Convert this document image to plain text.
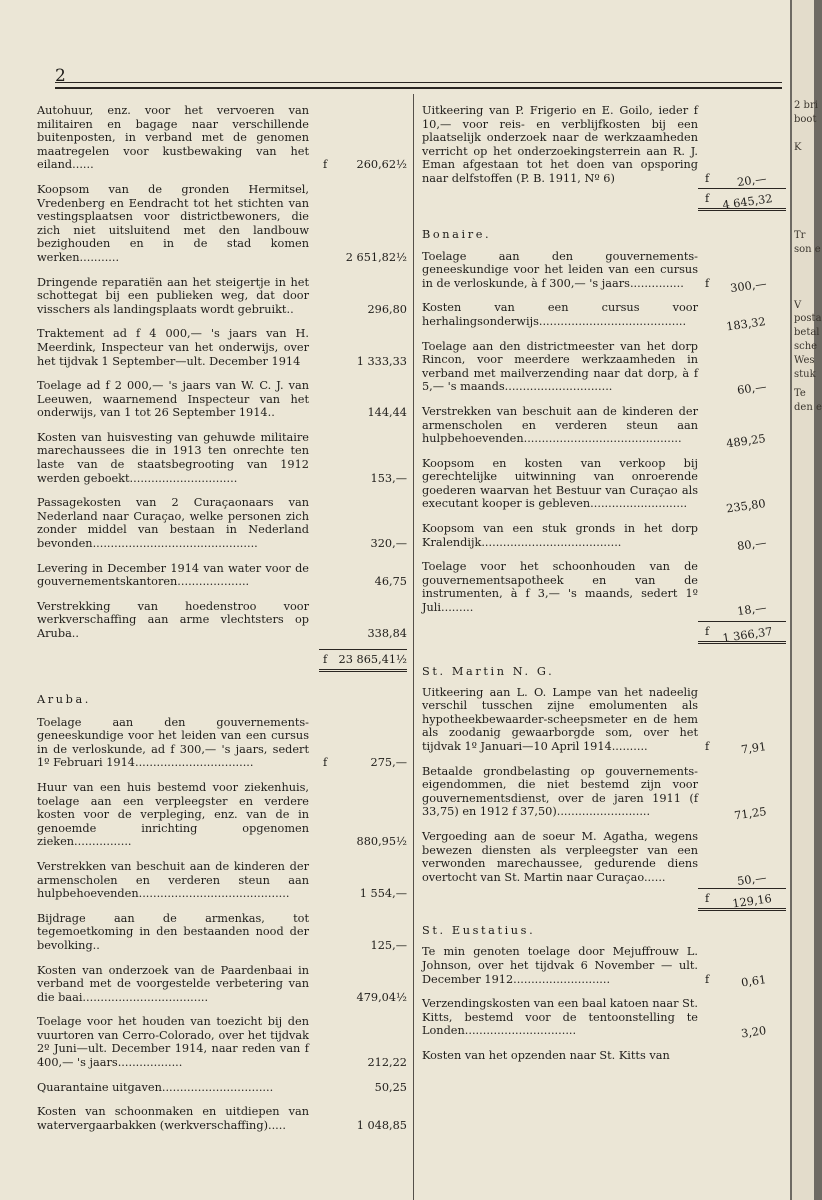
2
Autohuur, enz. voor het vervoeren van militairen en bagage naar verschillende buitenposten, in verband met de genomen maatregelen voor kustbewaking van het eiland......	f	260,62½
Koopsom van de gronden Hermitsel, Vredenberg en Eendracht tot het stichten van vestingsplaatsen voor districtbewoners, die zich niet uitsluitend met den landbouw bezighouden en in de stad komen werken...........	2 651,82½
Dringende reparatiën aan het steigertje in het schottegat bij een publieken weg, dat door visschers als landingsplaats wordt gebruikt..	296,80
Traktement ad f 4 000,— 's jaars van H. Meerdink, Inspecteur van het onderwijs, over het tijdvak 1 September—ult. December 1914	1 333,33
Toelage ad f 2 000,— 's jaars van W. C. J. van Leeuwen, waarnemend Inspecteur van het onderwijs, van 1 tot 26 September 1914..	144,44
Kosten van huisvesting van gehuwde militaire marechaussees die in 1913 ten onrechte ten laste van de staatsbegrooting van 1912 werden geboekt..............................	153,—
Passagekosten van 2 Curaçaonaars van Nederland naar Curaçao, welke personen zich zonder middel van bestaan in Nederland bevonden..............................................	320,—
Levering in December 1914 van water voor de gouvernementskantoren....................	46,75
Verstrekking van hoedenstroo voor werkverschaffing aan arme vlechtsters op Aruba..	338,84
f 23 865,41½
Aruba.
Toelage aan den gouvernements-geneeskundige voor het leiden van een cursus in de verloskunde, ad f 300,— 's jaars, sedert 1º Februari 1914.................................	f	275,—
Huur van een huis bestemd voor ziekenhuis, toelage aan een verpleegster en verdere kosten voor de verpleging, enz. van de in genoemde inrichting opgenomen zieken................	880,95½
Verstrekken van beschuit aan de kinderen der armenscholen en verderen steun aan hulpbehoevenden..........................................	1 554,—
Bijdrage aan de armenkas, tot tegemoetkoming in den bestaanden nood der bevolking..	125,—
Kosten van onderzoek van de Paardenbaai in verband met de voorgestelde verbetering van die baai...................................	479,04½
Toelage voor het houden van toezicht bij den vuurtoren van Cerro-Colorado, over het tijdvak 2º Juni—ult. December 1914, naar reden van f 400,— 's jaars..................	212,22
Quarantaine uitgaven...............................	50,25
Kosten van schoonmaken en uitdiepen van watervergaarbakken (werkverschaffing).....	1 048,85
Uitkeering van P. Frigerio en E. Goilo, ieder f 10,— voor reis- en verblijfkosten bij een plaatselijk onderzoek naar de werkzaamheden verricht op het onderzoekingsterrein aan R. J. Eman afgestaan tot het doen van opsporing naar delfstoffen (P. B. 1911, Nº 6)	f 20,—
f 4 645,32
Bonaire.
Toelage aan den gouvernements-geneeskundige voor het leiden van een cursus in de verloskunde, à f 300,— 's jaars...............	f 300,—
Kosten van een cursus voor herhalingsonderwijs.........................................	183,32
Toelage aan den districtmeester van het dorp Rincon, voor meerdere werkzaamheden in verband met mailverzending naar dat dorp, à f 5,— 's maands..............................	60,—
Verstrekken van beschuit aan de kinderen der armenscholen en verderen steun aan hulpbehoevenden............................................	489,25
Koopsom en kosten van verkoop bij gerechtelijke uitwinning van onroerende goederen waarvan het Bestuur van Curaçao als executant kooper is gebleven...........................	235,80
Koopsom van een stuk gronds in het dorp Kralendijk.......................................	80,—
Toelage voor het schoonhouden van de gouvernementsapotheek en van de instrumenten, à f 3,— 's maands, sedert 1º Juli.........	18,—
f 1 366,37
St. Martin N. G.
Uitkeering aan L. O. Lampe van het nadeelig verschil tusschen zijne emolumenten als hypotheekbewaarder-scheepsmeter en de hem als zoodanig gewaarborgde som, over het tijdvak 1º Januari—10 April 1914..........	f	7,91
Betaalde grondbelasting op gouvernements-eigendommen, die niet bestemd zijn voor gouvernementsdienst, over de jaren 1911 (f 33,75) en 1912 f 37,50)..........................	71,25
Vergoeding aan de soeur M. Agatha, wegens bewezen diensten als verpleegster van een verwonden marechaussee, gedurende diens overtocht van St. Martin naar Curaçao......	50,—
f 129,16
St. Eustatius.
Te min genoten toelage door Mejuffrouw L. Johnson, over het tijdvak 6 November — ult. December 1912...........................	f	0,61
Verzendingskosten van een baal katoen naar St. Kitts, bestemd voor de tentoonstelling te Londen...............................	3,20
Kosten van het opzenden naar St. Kitts van
2 bri
boot
K
Tr
son e
V
posta
betal
sche
Wes
stuk
Te
den e
